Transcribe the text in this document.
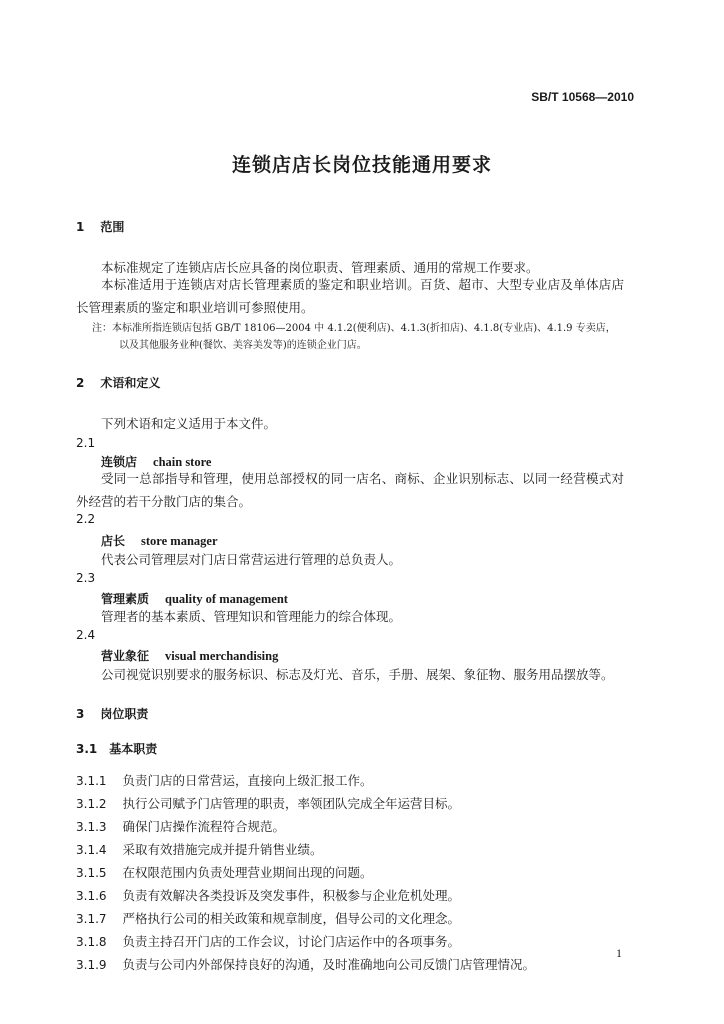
SB/T 10568—2010
连锁店店长岗位技能通用要求
1 范围
本标准规定了连锁店店长应具备的岗位职责、管理素质、通用的常规工作要求。
本标准适用于连锁店对店长管理素质的鉴定和职业培训。百货、超市、大型专业店及单体店店长管理素质的鉴定和职业培训可参照使用。
注：本标准所指连锁店包括 GB/T 18106—2004 中 4.1.2(便利店)、4.1.3(折扣店)、4.1.8(专业店)、4.1.9 专卖店，
以及其他服务业种(餐饮、美容美发等)的连锁企业门店。
2 术语和定义
下列术语和定义适用于本文件。
2.1
连锁店 chain store
受同一总部指导和管理，使用总部授权的同一店名、商标、企业识别标志、以同一经营模式对外经营的若干分散门店的集合。
2.2
店长 store manager
代表公司管理层对门店日常营运进行管理的总负责人。
2.3
管理素质 quality of management
管理者的基本素质、管理知识和管理能力的综合体现。
2.4
营业象征 visual merchandising
公司视觉识别要求的服务标识、标志及灯光、音乐，手册、展架、象征物、服务用品摆放等。
3 岗位职责
3.1 基本职责
3.1.1 负责门店的日常营运，直接向上级汇报工作。
3.1.2 执行公司赋予门店管理的职责，率领团队完成全年运营目标。
3.1.3 确保门店操作流程符合规范。
3.1.4 采取有效措施完成并提升销售业绩。
3.1.5 在权限范围内负责处理营业期间出现的问题。
3.1.6 负责有效解决各类投诉及突发事件，积极参与企业危机处理。
3.1.7 严格执行公司的相关政策和规章制度，倡导公司的文化理念。
3.1.8 负责主持召开门店的工作会议，讨论门店运作中的各项事务。
3.1.9 负责与公司内外部保持良好的沟通，及时准确地向公司反馈门店管理情况。
1
